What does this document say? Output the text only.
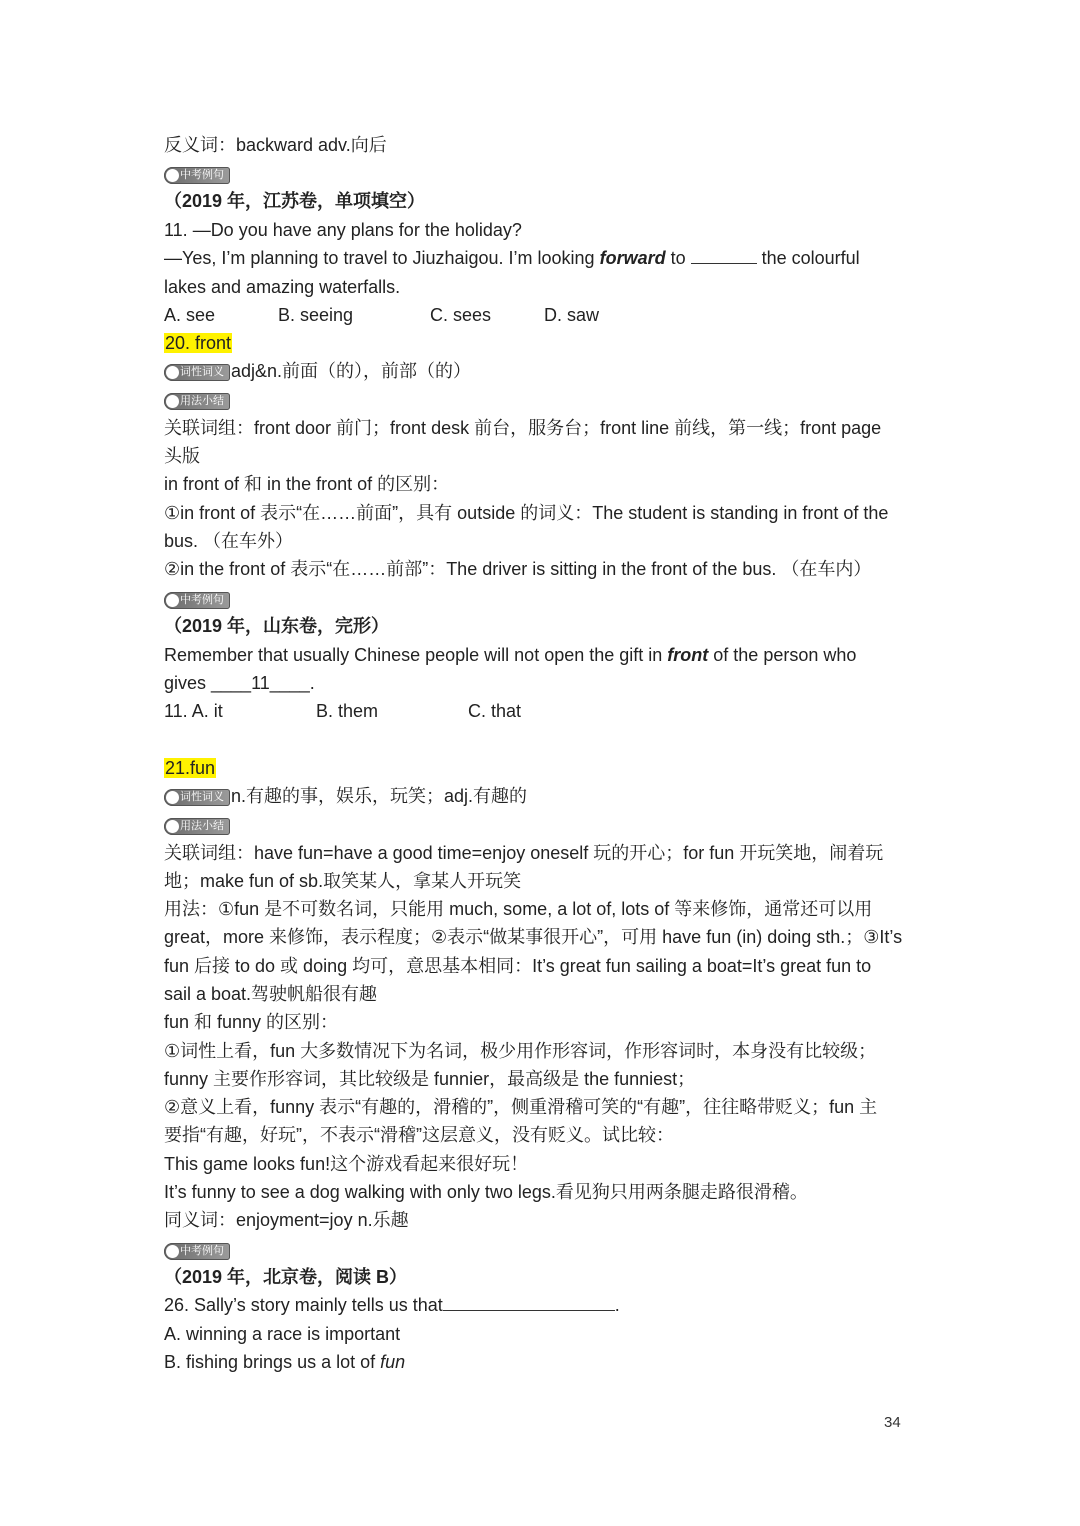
反义词：backward adv.向后
中考例句
（2019 年，江苏卷，单项填空）
11. —Do you have any plans for the holiday?
—Yes, I’m planning to travel to Jiuzhaigou. I’m looking forward to	the colourful
lakes and amazing waterfalls.
A. see	B. seeing	C. sees	D. saw
20. front
词性词义 adj&n.前面（的），前部（的）
用法小结
关联词组：front door 前门；front desk 前台，服务台；front line 前线，第一线；front page
头版
in front of 和 in the front of 的区别：
①in front of 表示“在……前面”，具有 outside 的词义：The student is standing in front of the
bus. （在车外）
②in the front of 表示“在……前部”：The driver is sitting in the front of the bus. （在车内）
中考例句
（2019 年，山东卷，完形）
Remember that usually Chinese people will not open the gift in front of the person who
gives ____11____.
11. A. it	B. them	C. that
21.fun
词性词义 n.有趣的事，娱乐，玩笑；adj.有趣的
用法小结
关联词组：have fun=have a good time=enjoy oneself 玩的开心；for fun 开玩笑地，闹着玩
地；make fun of sb.取笑某人，拿某人开玩笑
用法：①fun 是不可数名词，只能用 much, some, a lot of, lots of 等来修饰，通常还可以用
great，more 来修饰，表示程度；②表示“做某事很开心”，可用 have fun (in) doing sth.；③It’s
fun 后接 to do 或 doing 均可，意思基本相同：It’s great fun sailing a boat=It’s great fun to
sail a boat.驾驶帆船很有趣
fun 和 funny 的区别：
①词性上看，fun 大多数情况下为名词，极少用作形容词，作形容词时，本身没有比较级；
funny 主要作形容词，其比较级是 funnier，最高级是 the funniest；
②意义上看，funny 表示“有趣的，滑稽的”，侧重滑稽可笑的“有趣”，往往略带贬义；fun 主
要指“有趣，好玩”，不表示“滑稽”这层意义，没有贬义。试比较：
This game looks fun!这个游戏看起来很好玩！
It’s funny to see a dog walking with only two legs.看见狗只用两条腿走路很滑稽。
同义词：enjoyment=joy n.乐趣
中考例句
（2019 年，北京卷，阅读 B）
26. Sally’s story mainly tells us that	.
A. winning a race is important
B. fishing brings us a lot of fun
34
